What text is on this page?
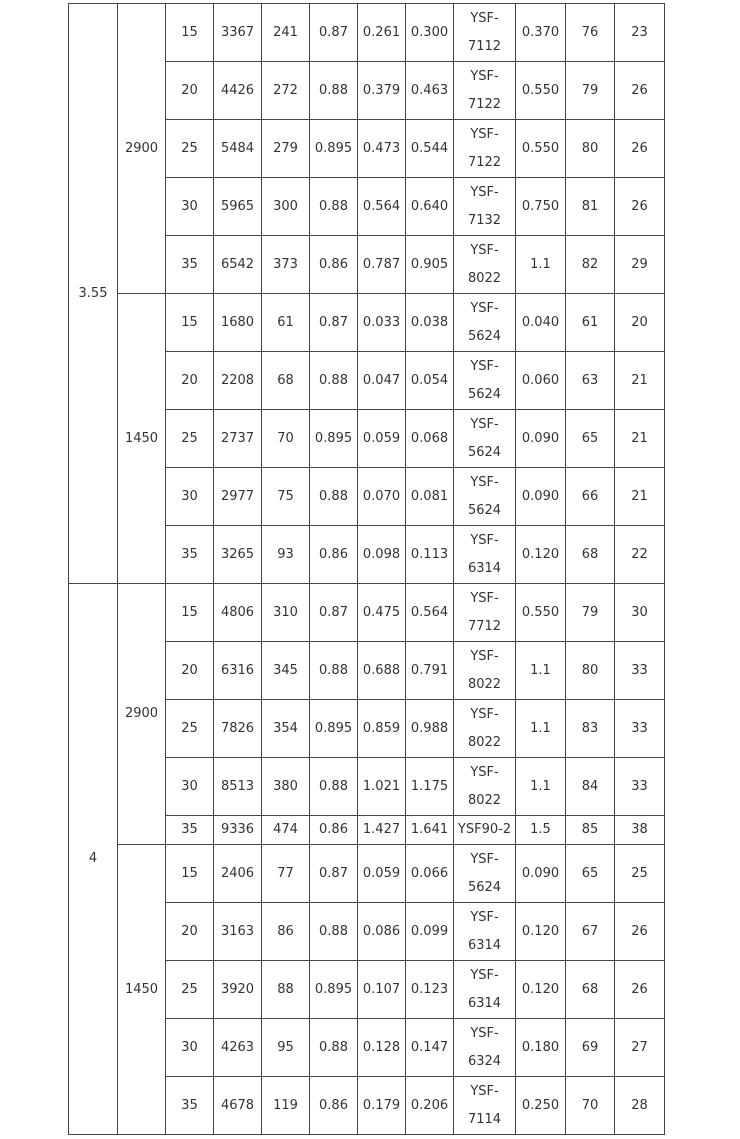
3.55	2900	15	3367	241	0.87	0.261	0.300	YSF-
7112	0.370	76	23
		20	4426	272	0.88	0.379	0.463	YSF-
7122	0.550	79	26
		25	5484	279	0.895	0.473	0.544	YSF-
7122	0.550	80	26
		30	5965	300	0.88	0.564	0.640	YSF-
7132	0.750	81	26
		35	6542	373	0.86	0.787	0.905	YSF-
8022	1.1	82	29
	1450	15	1680	61	0.87	0.033	0.038	YSF-
5624	0.040	61	20
		20	2208	68	0.88	0.047	0.054	YSF-
5624	0.060	63	21
		25	2737	70	0.895	0.059	0.068	YSF-
5624	0.090	65	21
		30	2977	75	0.88	0.070	0.081	YSF-
5624	0.090	66	21
		35	3265	93	0.86	0.098	0.113	YSF-
6314	0.120	68	22
4	2900	15	4806	310	0.87	0.475	0.564	YSF-
7712	0.550	79	30
		20	6316	345	0.88	0.688	0.791	YSF-
8022	1.1	80	33
		25	7826	354	0.895	0.859	0.988	YSF-
8022	1.1	83	33
		30	8513	380	0.88	1.021	1.175	YSF-
8022	1.1	84	33
		35	9336	474	0.86	1.427	1.641	YSF90-2	1.5	85	38
	1450	15	2406	77	0.87	0.059	0.066	YSF-
5624	0.090	65	25
		20	3163	86	0.88	0.086	0.099	YSF-
6314	0.120	67	26
		25	3920	88	0.895	0.107	0.123	YSF-
6314	0.120	68	26
		30	4263	95	0.88	0.128	0.147	YSF-
6324	0.180	69	27
		35	4678	119	0.86	0.179	0.206	YSF-
7114	0.250	70	28
